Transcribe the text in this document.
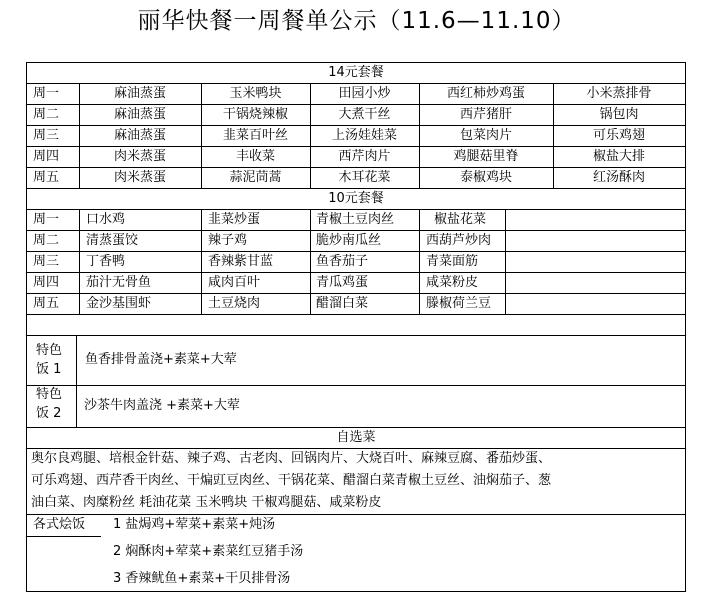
丽华快餐一周餐单公示（11.6—11.10）
14元套餐
周一	麻油蒸蛋	玉米鸭块	田园小炒	西红柿炒鸡蛋	小米蒸排骨
周二	麻油蒸蛋	干锅烧辣椒	大煮干丝	西芹猪肝	锅包肉
周三	麻油蒸蛋	韭菜百叶丝	上汤娃娃菜	包菜肉片	可乐鸡翅
周四	肉米蒸蛋	丰收菜	西芹肉片	鸡腿菇里脊	椒盐大排
周五	肉米蒸蛋	蒜泥茼蒿	木耳花菜	泰椒鸡块	红汤酥肉
10元套餐
周一 口水鸡	韭菜炒蛋	青椒土豆肉丝	椒盐花菜
周二 清蒸蛋饺	辣子鸡	脆炒南瓜丝	西葫芦炒肉
周三 丁香鸭	香辣紫甘蓝	鱼香茄子	青菜面筋
周四 茄汁无骨鱼	咸肉百叶	青瓜鸡蛋	咸菜粉皮
周五 金沙基围虾	土豆烧肉	醋溜白菜	滕椒荷兰豆
特色
饭 1
鱼香排骨盖浇+素菜+大荤
特色
饭 2
沙茶牛肉盖浇 +素菜+大荤
自选菜
奥尔良鸡腿、培根金针菇、辣子鸡、古老肉、回锅肉片、大烧百叶、麻辣豆腐、番茄炒蛋、
可乐鸡翅、西芹香干肉丝、干煸豇豆肉丝、干锅花菜、醋溜白菜青椒土豆丝、油焖茄子、葱
油白菜、肉糜粉丝 耗油花菜 玉米鸭块 干椒鸡腿菇、咸菜粉皮
各式烩饭 1 盐焗鸡+荤菜+素菜+炖汤
2 焖酥肉+荤菜+素菜红豆猪手汤
3 香辣鱿鱼+素菜+干贝排骨汤
